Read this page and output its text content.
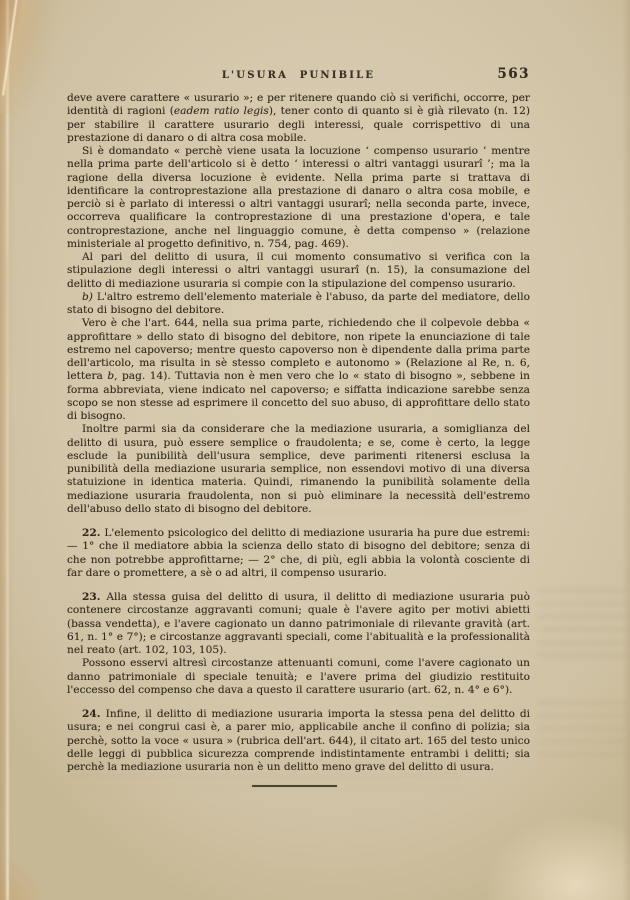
L'USURA PUNIBILE	563

deve avere carattere « usurario »; e per ritenere quando ciò si verifichi, occorre, per identità di ragioni (eadem ratio legis), tener conto di quanto si è già rilevato (n. 12) per stabilire il carattere usurario degli interessi, quale corrispettivo di una prestazione di danaro o di altra cosa mobile.

Si è domandato « perchè viene usata la locuzione ‘ compenso usurario ’ mentre nella prima parte dell'articolo si è detto ‘ interessi o altri vantaggi usurarî ’; ma la ragione della diversa locuzione è evidente. Nella prima parte si trattava di identificare la controprestazione alla prestazione di danaro o altra cosa mobile, e perciò si è parlato di interessi o altri vantaggi usurarî; nella seconda parte, invece, occorreva qualificare la controprestazione di una prestazione d'opera, e tale controprestazione, anche nel linguaggio comune, è detta compenso » (relazione ministeriale al progetto definitivo, n. 754, pag. 469).

Al pari del delitto di usura, il cui momento consumativo si verifica con la stipulazione degli interessi o altri vantaggi usurarî (n. 15), la consumazione del delitto di mediazione usuraria si compie con la stipulazione del compenso usurario.

b) L'altro estremo dell'elemento materiale è l'abuso, da parte del mediatore, dello stato di bisogno del debitore.

Vero è che l'art. 644, nella sua prima parte, richiedendo che il colpevole debba « approfittare » dello stato di bisogno del debitore, non ripete la enunciazione di tale estremo nel capoverso; mentre questo capoverso non è dipendente dalla prima parte dell'articolo, ma risulta in sè stesso completo e autonomo » (Relazione al Re, n. 6, lettera b, pag. 14). Tuttavia non è men vero che lo « stato di bisogno », sebbene in forma abbreviata, viene indicato nel capoverso; e siffatta indicazione sarebbe senza scopo se non stesse ad esprimere il concetto del suo abuso, di approfittare dello stato di bisogno.

Inoltre parmi sia da considerare che la mediazione usuraria, a somiglianza del delitto di usura, può essere semplice o fraudolenta; e se, come è certo, la legge esclude la punibilità dell'usura semplice, deve parimenti ritenersi esclusa la punibilità della mediazione usuraria semplice, non essendovi motivo di una diversa statuizione in identica materia. Quindi, rimanendo la punibilità solamente della mediazione usuraria fraudolenta, non si può eliminare la necessità dell'estremo dell'abuso dello stato di bisogno del debitore.

22. L'elemento psicologico del delitto di mediazione usuraria ha pure due estremi: — 1° che il mediatore abbia la scienza dello stato di bisogno del debitore; senza di che non potrebbe approfittarne; — 2° che, di più, egli abbia la volontà cosciente di far dare o promettere, a sè o ad altri, il compenso usurario.

23. Alla stessa guisa del delitto di usura, il delitto di mediazione usuraria può contenere circostanze aggravanti comuni; quale è l'avere agito per motivi abietti (bassa vendetta), e l'avere cagionato un danno patrimoniale di rilevante gravità (art. 61, n. 1° e 7°); e circostanze aggravanti speciali, come l'abitualità e la professionalità nel reato (art. 102, 103, 105).

Possono esservi altresì circostanze attenuanti comuni, come l'avere cagionato un danno patrimoniale di speciale tenuità; e l'avere prima del giudizio restituito l'eccesso del compenso che dava a questo il carattere usurario (art. 62, n. 4° e 6°).

24. Infine, il delitto di mediazione usuraria importa la stessa pena del delitto di usura; e nei congrui casi è, a parer mio, applicabile anche il confino di polizia; sia perchè, sotto la voce « usura » (rubrica dell'art. 644), il citato art. 165 del testo unico delle leggi di pubblica sicurezza comprende indistintamente entrambi i delitti; sia perchè la mediazione usuraria non è un delitto meno grave del delitto di usura.
